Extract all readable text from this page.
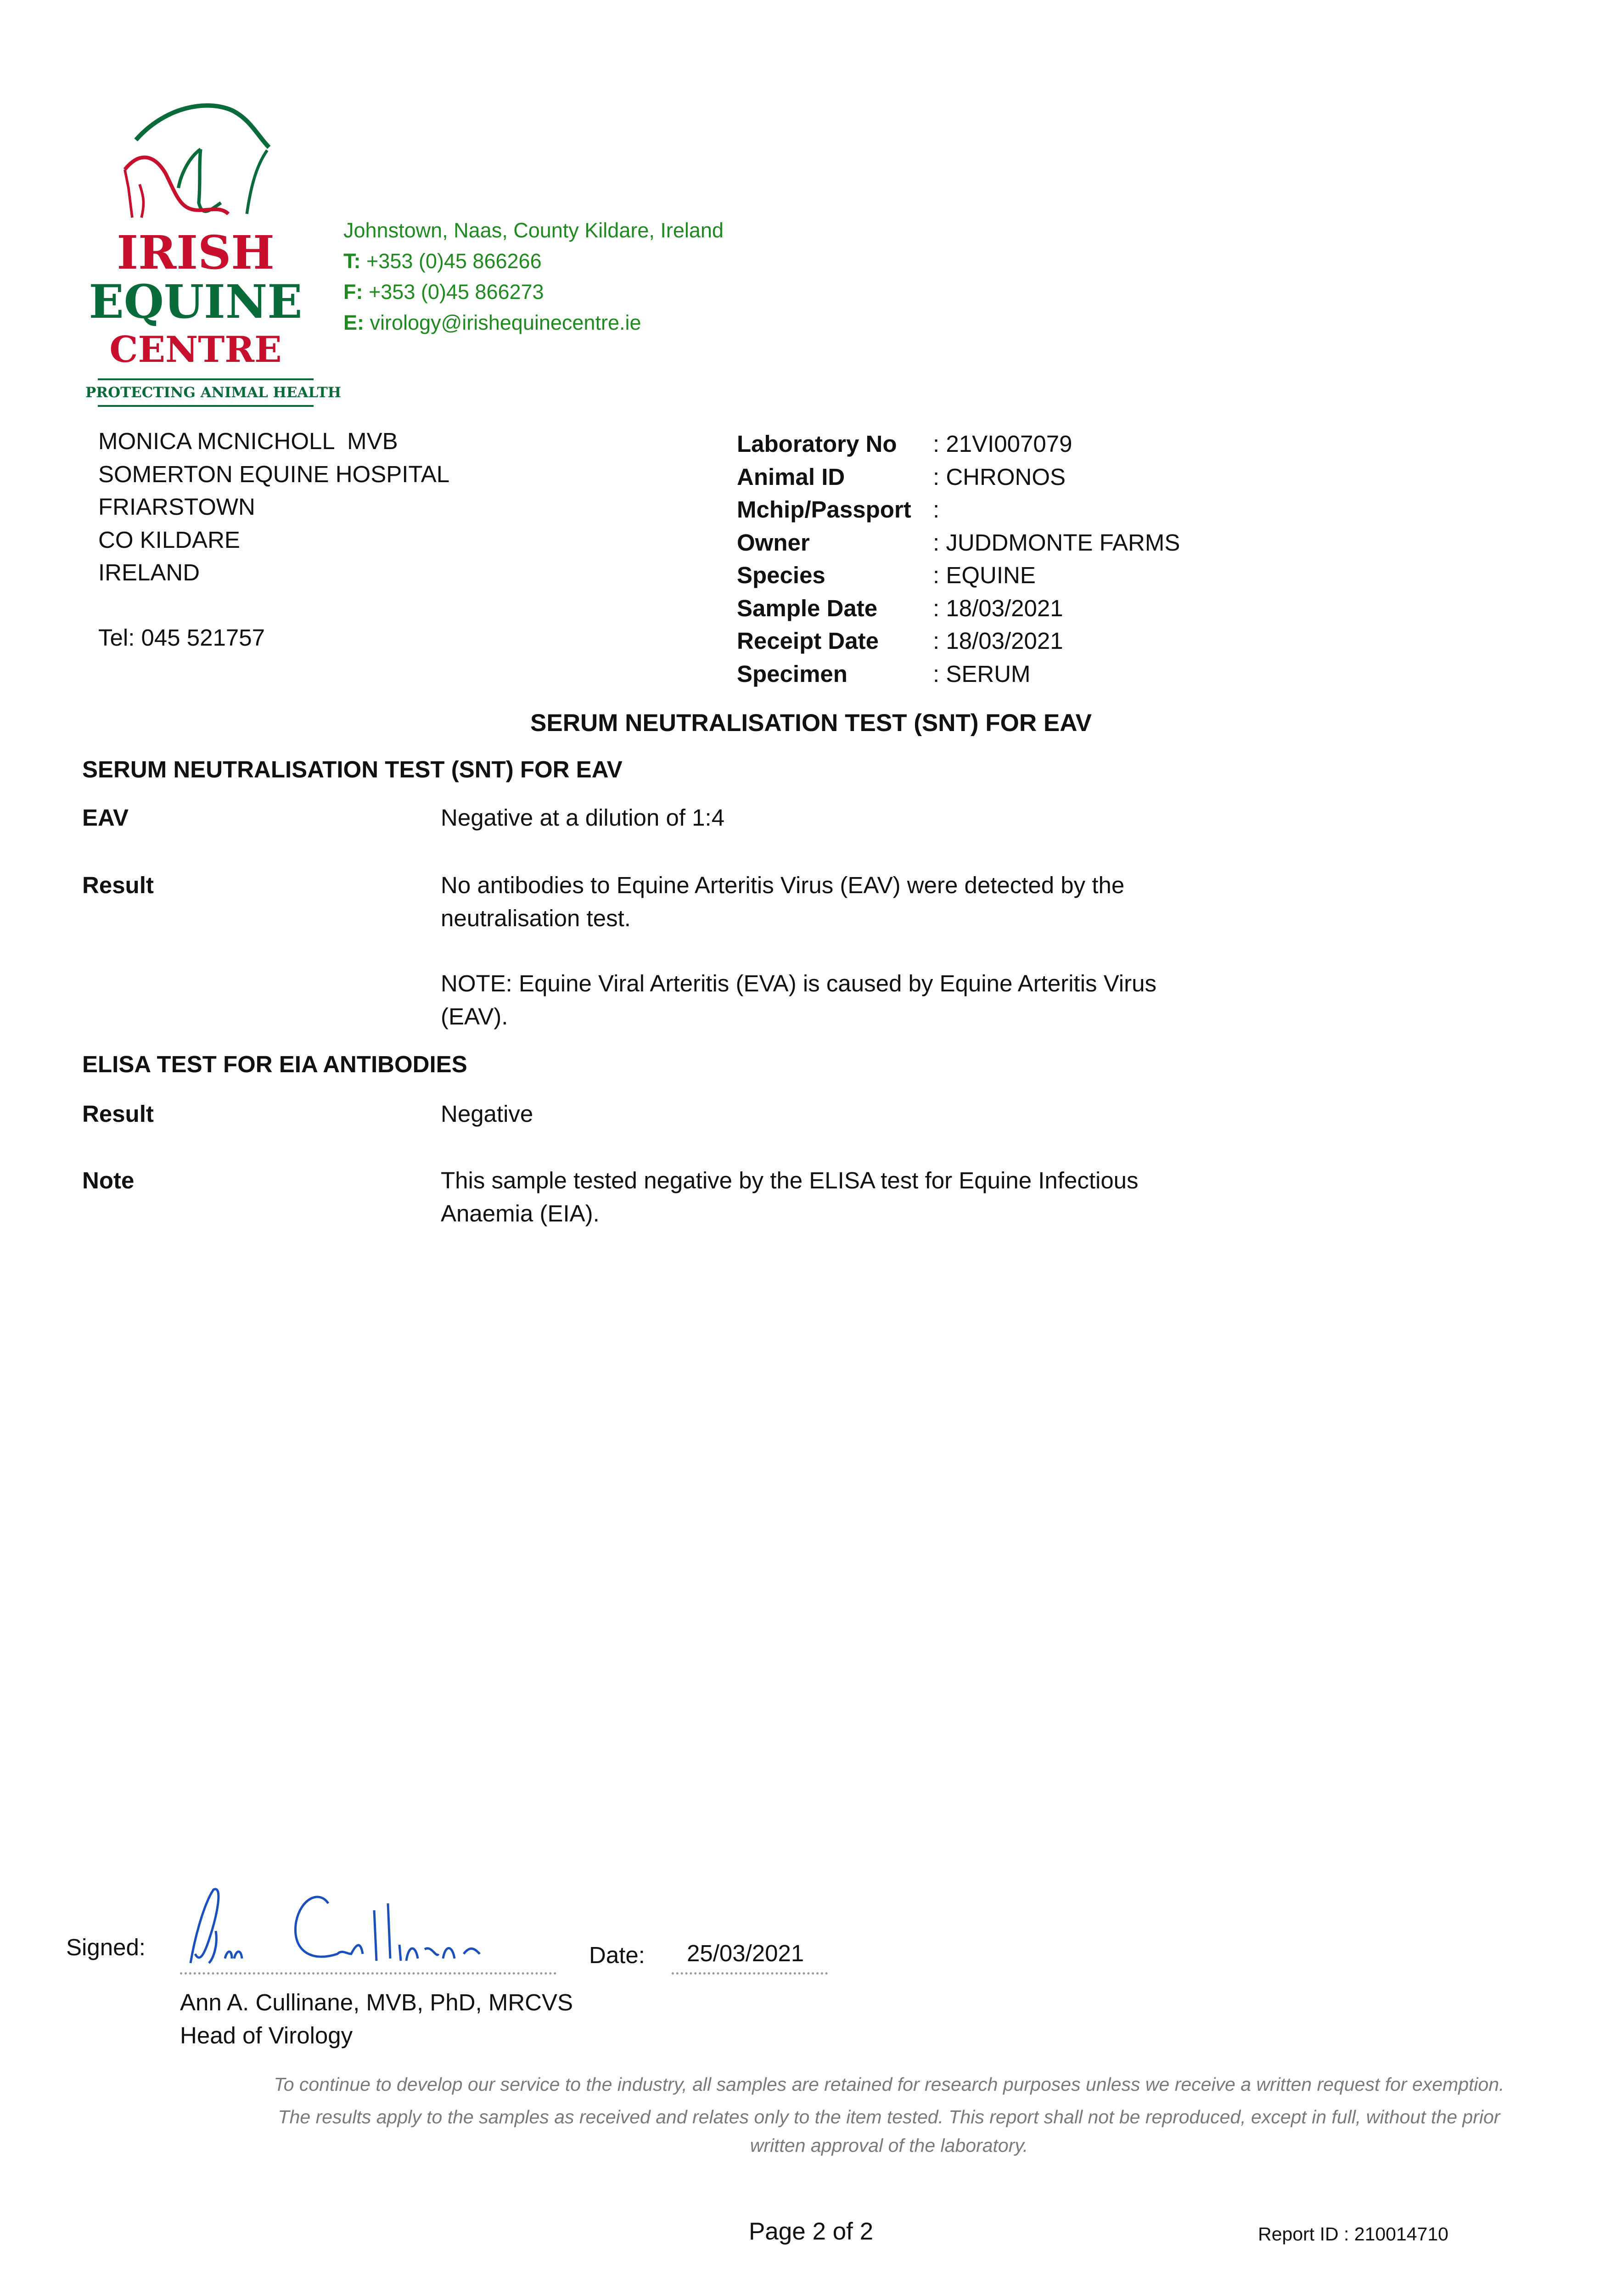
IRISH
EQUINE
CENTRE
PROTECTING ANIMAL HEALTH
Johnstown, Naas, County Kildare, Ireland
T: +353 (0)45 866266
F: +353 (0)45 866273
E: virology@irishequinecentre.ie
MONICA MCNICHOLL  MVB
SOMERTON EQUINE HOSPITAL
FRIARSTOWN
CO KILDARE
IRELAND
Tel: 045 521757
Laboratory No	: 21VI007079
Animal ID	: CHRONOS
Mchip/Passport :
Owner	: JUDDMONTE FARMS
Species	: EQUINE
Sample Date	: 18/03/2021
Receipt Date	: 18/03/2021
Specimen	: SERUM
SERUM NEUTRALISATION TEST (SNT) FOR EAV
SERUM NEUTRALISATION TEST (SNT) FOR EAV
EAV	Negative at a dilution of 1:4
Result	No antibodies to Equine Arteritis Virus (EAV) were detected by the
neutralisation test.
NOTE: Equine Viral Arteritis (EVA) is caused by Equine Arteritis Virus
(EAV).
ELISA TEST FOR EIA ANTIBODIES
Result	Negative
Note	This sample tested negative by the ELISA test for Equine Infectious
Anaemia (EIA).
Signed:	Date: 25/03/2021
Ann A. Cullinane, MVB, PhD, MRCVS
Head of Virology
To continue to develop our service to the industry, all samples are retained for research purposes unless we receive a written request for exemption.
The results apply to the samples as received and relates only to the item tested. This report shall not be reproduced, except in full, without the prior
written approval of the laboratory.
Page 2 of 2	Report ID : 210014710
